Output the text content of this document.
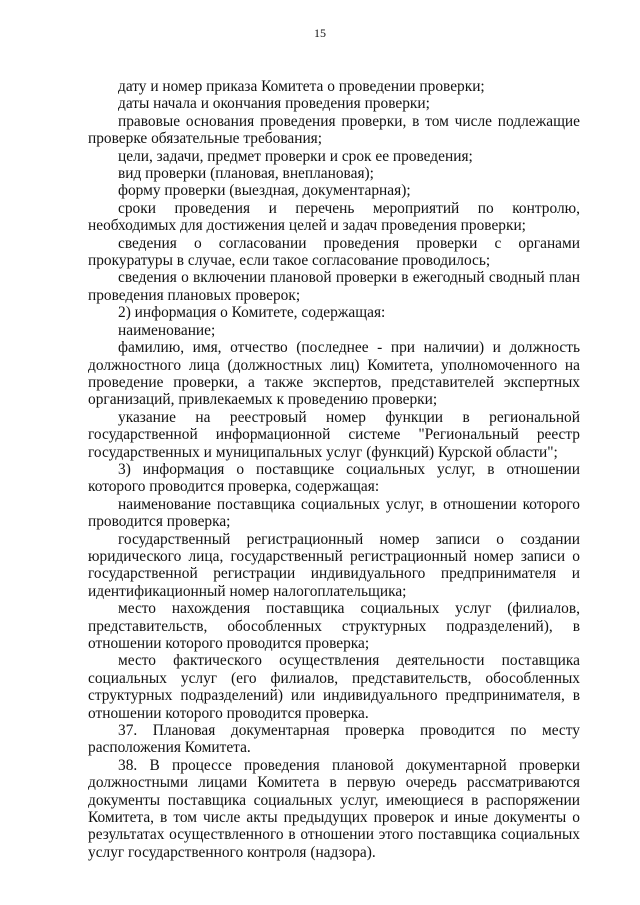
15

дату и номер приказа Комитета о проведении проверки;

даты начала и окончания проведения проверки;

правовые основания проведения проверки, в том числе подлежащие проверке обязательные требования;

цели, задачи, предмет проверки и срок ее проведения;

вид проверки (плановая, внеплановая);

форму проверки (выездная, документарная);

сроки проведения и перечень мероприятий по контролю, необходимых для достижения целей и задач проведения проверки;

сведения о согласовании проведения проверки с органами прокуратуры в случае, если такое согласование проводилось;

сведения о включении плановой проверки в ежегодный сводный план проведения плановых проверок;

2) информация о Комитете, содержащая:

наименование;

фамилию, имя, отчество (последнее - при наличии) и должность должностного лица (должностных лиц) Комитета, уполномоченного на проведение проверки, а также экспертов, представителей экспертных организаций, привлекаемых к проведению проверки;

указание на реестровый номер функции в региональной государственной информационной системе "Региональный реестр государственных и муниципальных услуг (функций) Курской области";

3) информация о поставщике социальных услуг, в отношении которого проводится проверка, содержащая:

наименование поставщика социальных услуг, в отношении которого проводится проверка;

государственный регистрационный номер записи о создании юридического лица, государственный регистрационный номер записи о государственной регистрации индивидуального предпринимателя и идентификационный номер налогоплательщика;

место нахождения поставщика социальных услуг (филиалов, представительств, обособленных структурных подразделений), в отношении которого проводится проверка;

место фактического осуществления деятельности поставщика социальных услуг (его филиалов, представительств, обособленных структурных подразделений) или индивидуального предпринимателя, в отношении которого проводится проверка.

37. Плановая документарная проверка проводится по месту расположения Комитета.

38. В процессе проведения плановой документарной проверки должностными лицами Комитета в первую очередь рассматриваются документы поставщика социальных услуг, имеющиеся в распоряжении Комитета, в том числе акты предыдущих проверок и иные документы о результатах осуществленного в отношении этого поставщика социальных услуг государственного контроля (надзора).
